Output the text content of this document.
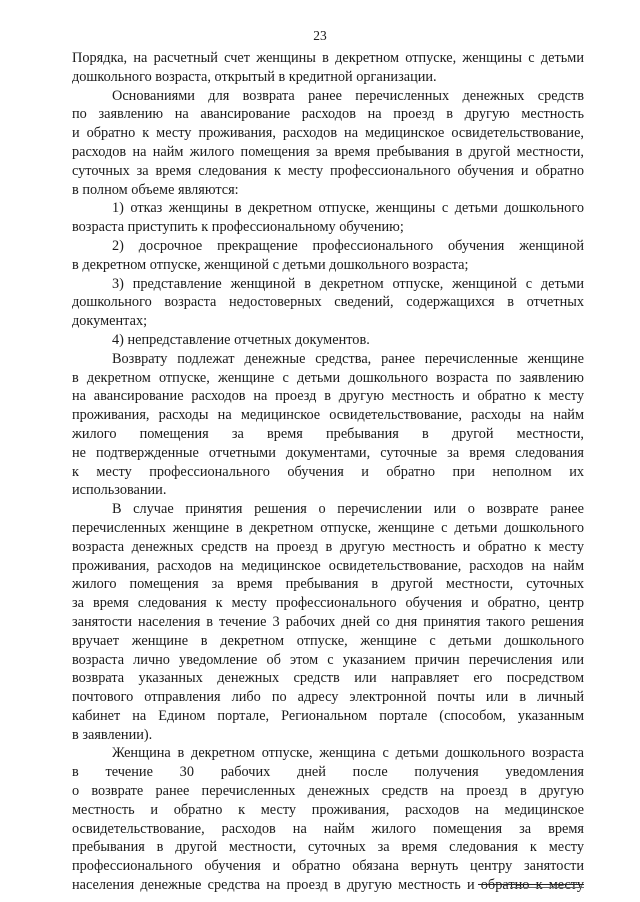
23
Порядка, на расчетный счет женщины в декретном отпуске, женщины с детьми
дошкольного возраста, открытый в кредитной организации.
Основаниями для возврата ранее перечисленных денежных средств
по заявлению на авансирование расходов на проезд в другую местность
и обратно к месту проживания, расходов на медицинское освидетельствование,
расходов на найм жилого помещения за время пребывания в другой местности,
суточных за время следования к месту профессионального обучения и обратно
в полном объеме являются:
1) отказ женщины в декретном отпуске, женщины с детьми дошкольного
возраста приступить к профессиональному обучению;
2) досрочное прекращение профессионального обучения женщиной
в декретном отпуске, женщиной с детьми дошкольного возраста;
3) представление женщиной в декретном отпуске, женщиной с детьми
дошкольного возраста недостоверных сведений, содержащихся в отчетных
документах;
4) непредставление отчетных документов.
Возврату подлежат денежные средства, ранее перечисленные женщине
в декретном отпуске, женщине с детьми дошкольного возраста по заявлению
на авансирование расходов на проезд в другую местность и обратно к месту
проживания, расходы на медицинское освидетельствование, расходы на найм
жилого помещения за время пребывания в другой местности,
не подтвержденные отчетными документами, суточные за время следования
к месту профессионального обучения и обратно при неполном их
использовании.
В случае принятия решения о перечислении или о возврате ранее
перечисленных женщине в декретном отпуске, женщине с детьми дошкольного
возраста денежных средств на проезд в другую местность и обратно к месту
проживания, расходов на медицинское освидетельствование, расходов на найм
жилого помещения за время пребывания в другой местности, суточных
за время следования к месту профессионального обучения и обратно, центр
занятости населения в течение 3 рабочих дней со дня принятия такого решения
вручает женщине в декретном отпуске, женщине с детьми дошкольного
возраста лично уведомление об этом с указанием причин перечисления или
возврата указанных денежных средств или направляет его посредством
почтового отправления либо по адресу электронной почты или в личный
кабинет на Едином портале, Региональном портале (способом, указанным
в заявлении).
Женщина в декретном отпуске, женщина с детьми дошкольного возраста
в течение 30 рабочих дней после получения уведомления
о возврате ранее перечисленных денежных средств на проезд в другую
местность и обратно к месту проживания, расходов на медицинское
освидетельствование, расходов на найм жилого помещения за время
пребывания в другой местности, суточных за время следования к месту
профессионального обучения и обратно обязана вернуть центру занятости
населения денежные средства на проезд в другую местность и обратно к месту
